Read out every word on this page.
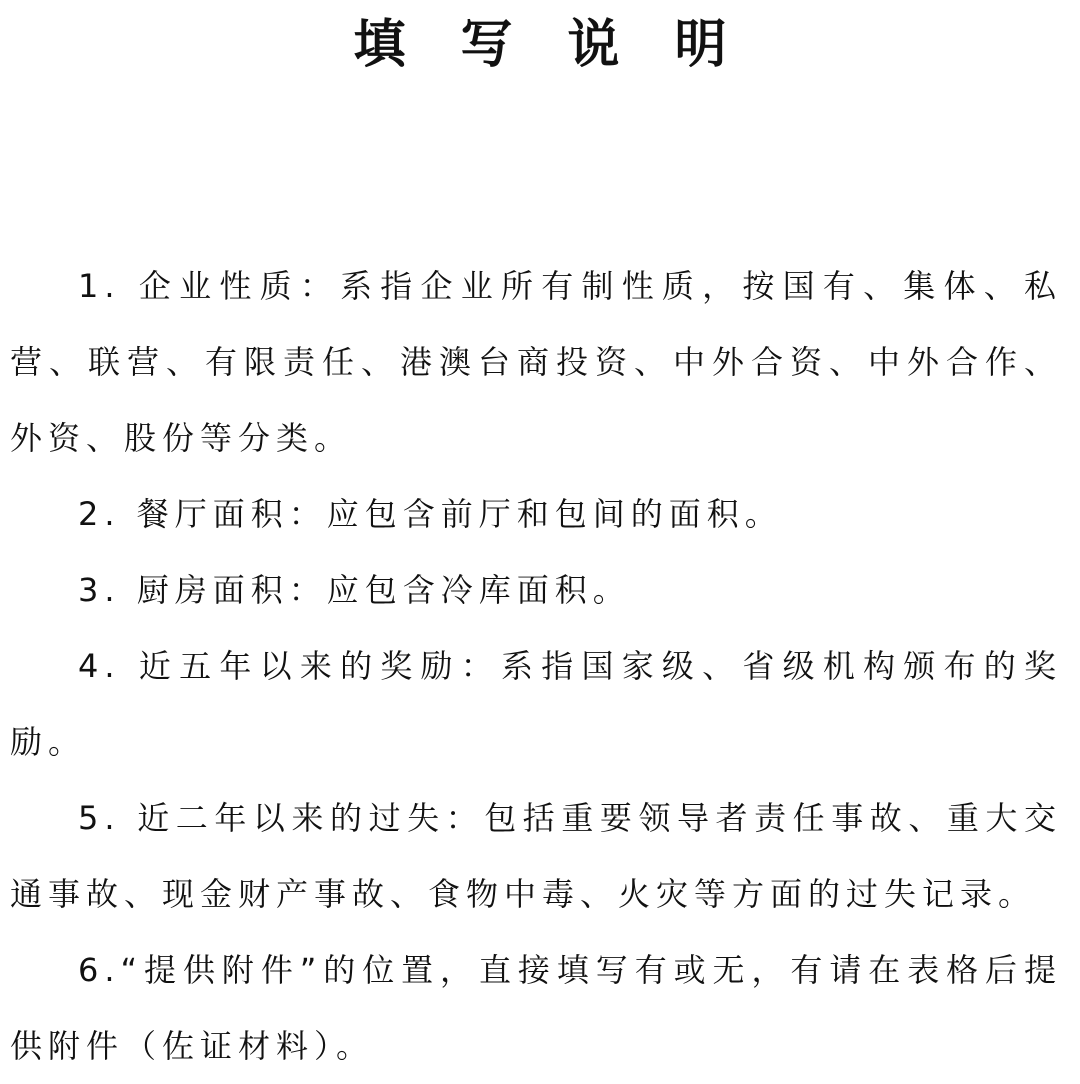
填写说明

1. 企业性质：系指企业所有制性质，按国有、集体、私营、联营、有限责任、港澳台商投资、中外合资、中外合作、外资、股份等分类。

2. 餐厅面积：应包含前厅和包间的面积。

3. 厨房面积：应包含冷库面积。

4. 近五年以来的奖励：系指国家级、省级机构颁布的奖励。

5. 近二年以来的过失：包括重要领导者责任事故、重大交通事故、现金财产事故、食物中毒、火灾等方面的过失记录。

6.“提供附件”的位置，直接填写有或无，有请在表格后提供附件（佐证材料）。
